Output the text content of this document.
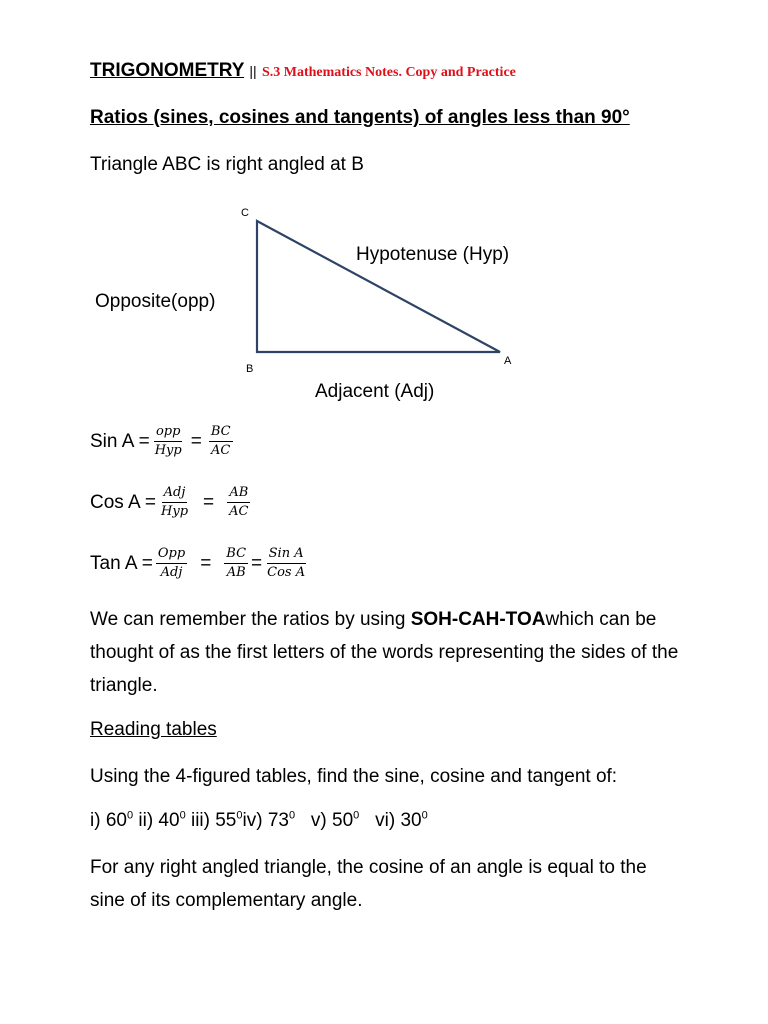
TRIGONOMETRY || S.3 Mathematics Notes. Copy and Practice
Ratios (sines, cosines and tangents) of angles less than 90°
Triangle ABC is right angled at B
C
B
A
Hypotenuse (Hyp)
Opposite(opp)
Adjacent (Adj)
Sin $A = \frac{\text{opp}}{\text{Hyp}} = \frac{BC}{AC}$
Cos $A = \frac{\text{Adj}}{\text{Hyp}} = \frac{AB}{AC}$
Tan $A = \frac{\text{Opp}}{\text{Adj}} = \frac{BC}{AB} = \frac{\text{Sin A}}{\text{Cos A}}$
We can remember the ratios by using SOH-CAH-TOAwhich can be thought of as the first letters of the words representing the sides of the triangle.
Reading tables
Using the 4-figured tables, find the sine, cosine and tangent of:
i) $60^0$ ii) $40^0$ iii) $55^0iv$) $73^0$   v) $50^0$   vi) $30^0$
For any right angled triangle, the cosine of an angle is equal to the sine of its complementary angle.
